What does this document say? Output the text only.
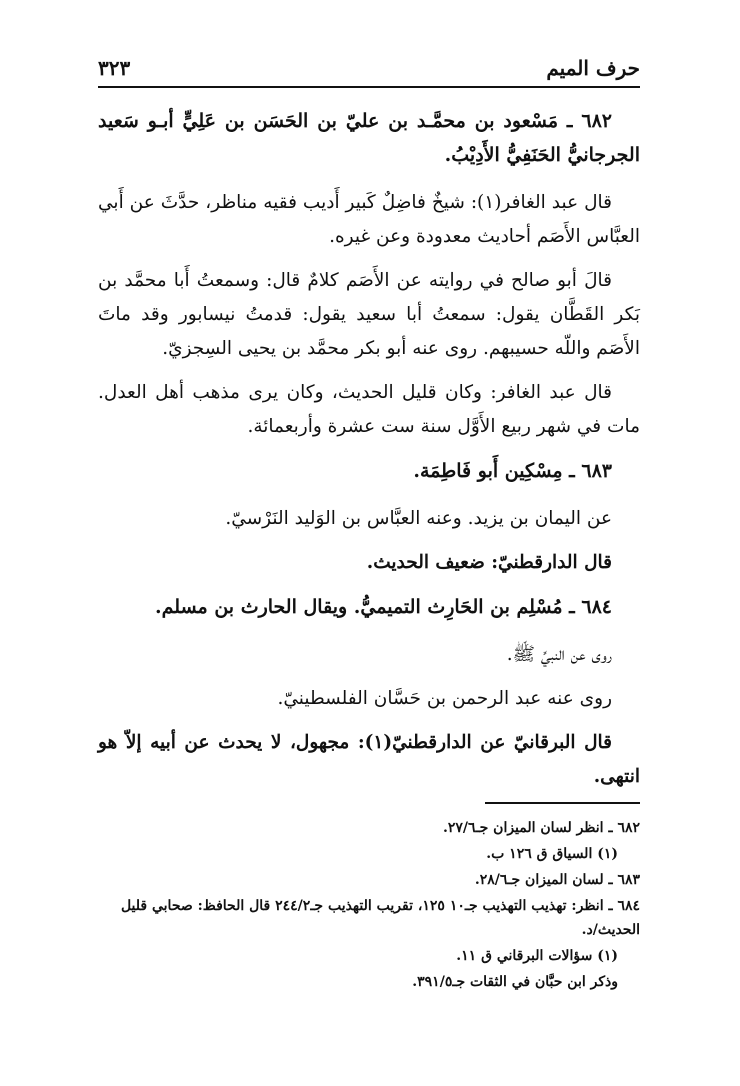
حرف الميم
٣٢٣

٦٨٢ ـ مَسْعود بن محمَّـد بن عليّ بن الحَسَن بن عَلِيٍّ أبـو سَعيد الجرجانيُّ الحَنَفِيُّ الأَدِيْبُ.

قال عبد الغافر(١): شيخٌ فاضِلٌ كَبير أَديب فقيه مناظر، حدَّثَ عن أَبي العبَّاس الأَصَم أحاديث معدودة وعن غيره.

قالَ أبو صالح في روايته عن الأَصَم كلامٌ قال: وسمعتُ أَبا محمَّد بن بَكر القَطَّان يقول: سمعتُ أبا سعيد يقول: قدمتُ نيسابور وقد ماتَ الأَصَم واللّه حسيبهم. روى عنه أبو بكر محمَّد بن يحيى السِجزيّ.

قال عبد الغافر: وكان قليل الحديث، وكان يرى مذهب أهل العدل. مات في شهر ربيع الأَوَّل سنة ست عشرة وأربعمائة.

٦٨٣ ـ مِسْكِين أَبو فَاطِمَة.

عن اليمان بن يزيد. وعنه العبَّاس بن الوَليد النَرْسيّ.

قال الدارقطنيّ: ضعيف الحديث.

٦٨٤ ـ مُسْلِم بن الحَارِث التميميُّ. ويقال الحارث بن مسلم.

روى عن النبيِّ ﷺ.

روى عنه عبد الرحمن بن حَسَّان الفلسطينيّ.

قال البرقانيّ عن الدارقطنيّ(١): مجهول، لا يحدث عن أبيه إلاّ هو انتهى.

٦٨٢ ـ انظر لسان الميزان جـ٢٧/٦.

(١) السياق ق ١٢٦ ب.

٦٨٣ ـ لسان الميزان جـ٢٨/٦.

٦٨٤ ـ انظر: تهذيب التهذيب جـ١٠ ١٢٥، تقريب التهذيب جـ٢٤٤/٢ قال الحافظ: صحابي قليل الحديث/د.

(١) سؤالات البرقاني ق ١١.

وذكر ابن حبَّان في الثقات جـ٣٩١/٥.
